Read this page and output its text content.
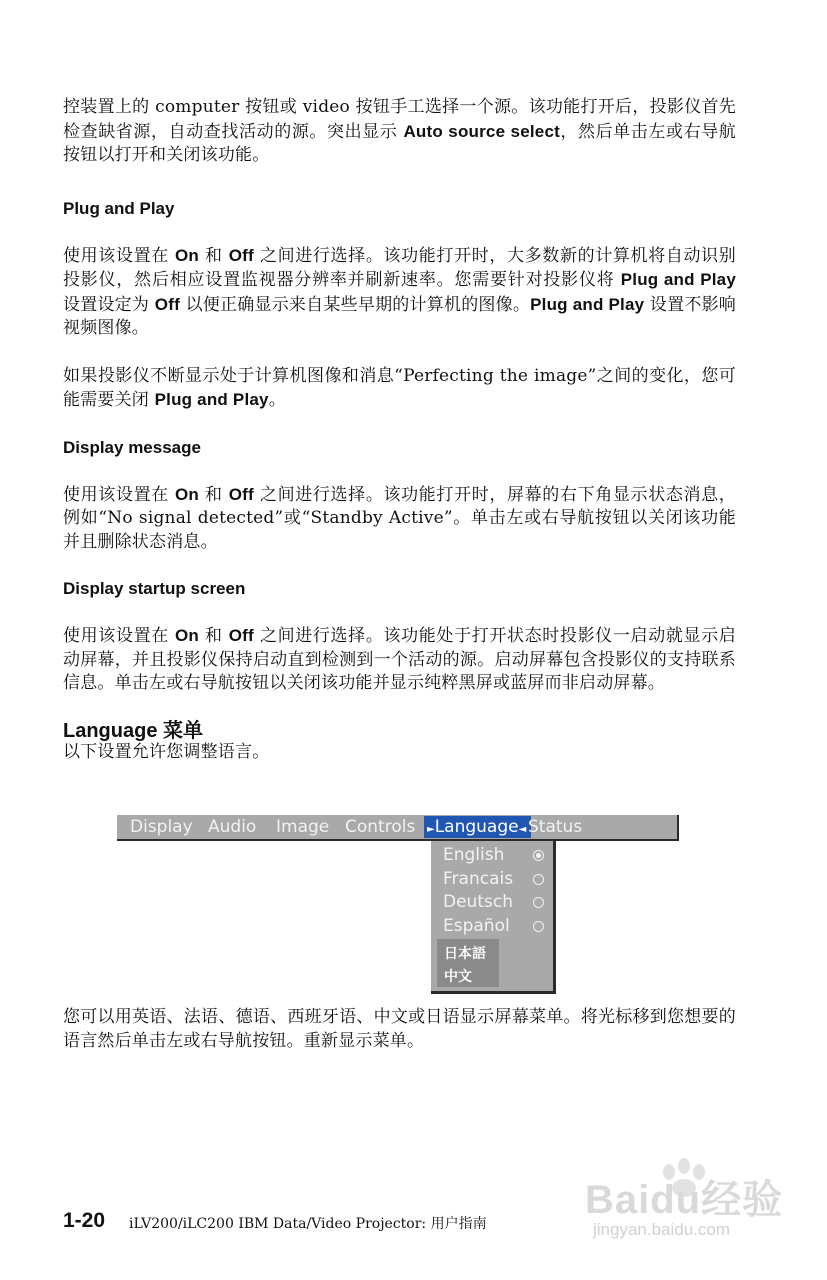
控装置上的 computer 按钮或 video 按钮手工选择一个源。该功能打开后，投影仪首先检查缺省源，自动查找活动的源。突出显示 Auto source select，然后单击左或右导航按钮以打开和关闭该功能。

Plug and Play

使用该设置在 On 和 Off 之间进行选择。该功能打开时，大多数新的计算机将自动识别投影仪，然后相应设置监视器分辨率并刷新速率。您需要针对投影仪将 Plug and Play 设置设定为 Off 以便正确显示来自某些早期的计算机的图像。Plug and Play 设置不影响视频图像。

如果投影仪不断显示处于计算机图像和消息“Perfecting the image”之间的变化，您可能需要关闭 Plug and Play。

Display message

使用该设置在 On 和 Off 之间进行选择。该功能打开时，屏幕的右下角显示状态消息，例如“No signal detected”或“Standby Active”。单击左或右导航按钮以关闭该功能并且删除状态消息。

Display startup screen

使用该设置在 On 和 Off 之间进行选择。该功能处于打开状态时投影仪一启动就显示启动屏幕，并且投影仪保持启动直到检测到一个活动的源。启动屏幕包含投影仪的支持联系信息。单击左或右导航按钮以关闭该功能并显示纯粹黑屏或蓝屏而非启动屏幕。

Language 菜单

以下设置允许您调整语言。

Display Audio Image Controls	►Language◄ Status
English
Francais
Deutsch
Español
日本語
中文

您可以用英语、法语、德语、西班牙语、中文或日语显示屏幕菜单。将光标移到您想要的语言然后单击左或右导航按钮。重新显示菜单。

1-20 iLV200/iLC200 IBM Data/Video Projector: 用户指南
Baidu经验
jingyan.baidu.com
